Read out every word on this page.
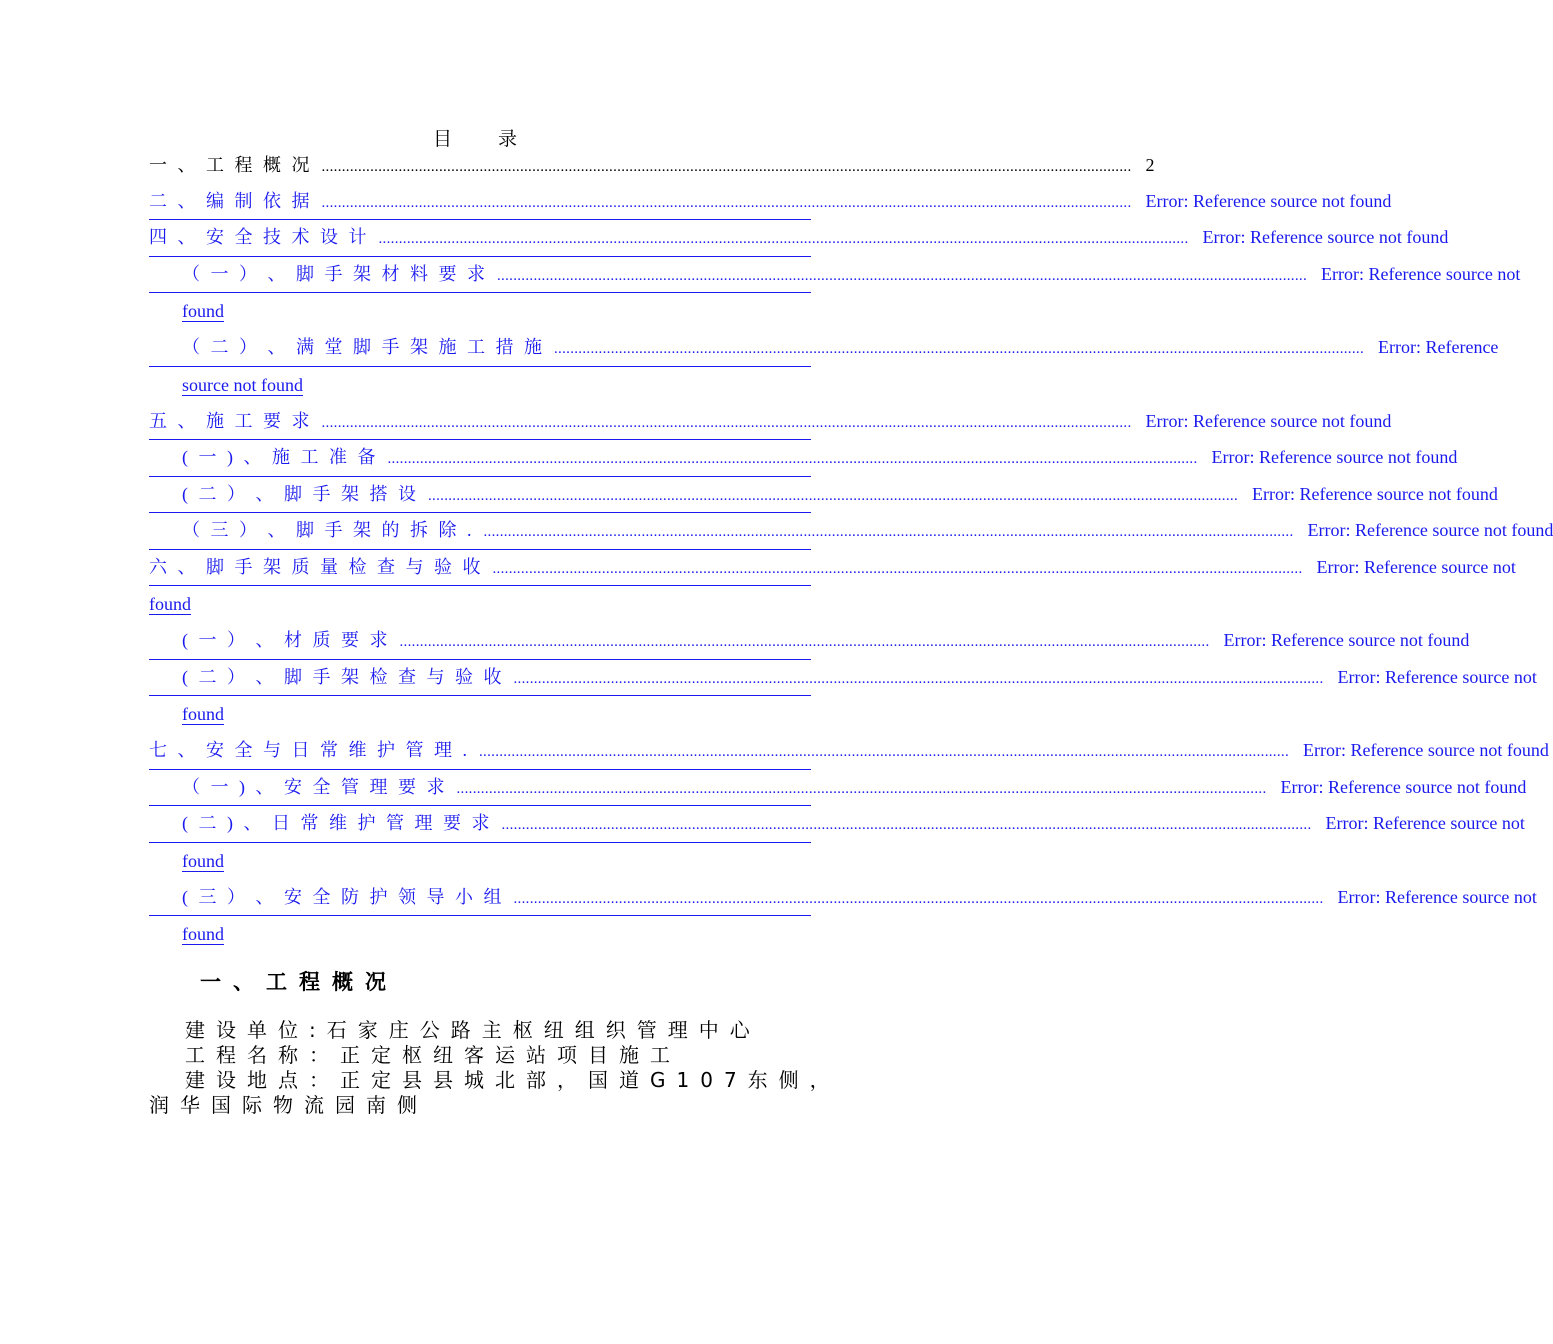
目 录
一 、 工 程 概 况 ........................................................................................................................................................................................................ 2
二 、 编 制 依 据 ........................................................................................................................................................................................................ Error: Reference source not found
四 、 安 全 技 术 设 计 ........................................................................................................................................................................................................ Error: Reference source not found
（ 一 ） 、 脚 手 架 材 料 要 求 ........................................................................................................................................................................................................ Error: Reference source not
found
（ 二 ） 、 满 堂 脚 手 架 施 工 措 施 ........................................................................................................................................................................................................ Error: Reference
source not found
五 、 施 工 要 求 ........................................................................................................................................................................................................ Error: Reference source not found
( 一 ) 、 施 工 准 备 ........................................................................................................................................................................................................ Error: Reference source not found
( 二 ） 、 脚 手 架 搭 设 ........................................................................................................................................................................................................ Error: Reference source not found
（ 三 ） 、 脚 手 架 的 拆 除 . ........................................................................................................................................................................................................ Error: Reference source not found
六 、 脚 手 架 质 量 检 查 与 验 收 ........................................................................................................................................................................................................ Error: Reference source not
found
( 一 ） 、 材 质 要 求 ........................................................................................................................................................................................................ Error: Reference source not found
( 二 ） 、 脚 手 架 检 查 与 验 收 ........................................................................................................................................................................................................ Error: Reference source not
found
七 、 安 全 与 日 常 维 护 管 理 . ........................................................................................................................................................................................................ Error: Reference source not found
（ 一 ) 、 安 全 管 理 要 求 ........................................................................................................................................................................................................ Error: Reference source not found
( 二 ) 、 日 常 维 护 管 理 要 求 ........................................................................................................................................................................................................ Error: Reference source not
found
( 三 ） 、 安 全 防 护 领 导 小 组 ........................................................................................................................................................................................................ Error: Reference source not
found
一、工程概况
建设单位:石家庄公路主枢纽组织管理中心
工程名称：正定枢纽客运站项目施工
建设地点：正定县县城北部，国道G107东侧，
润华国际物流园南侧
